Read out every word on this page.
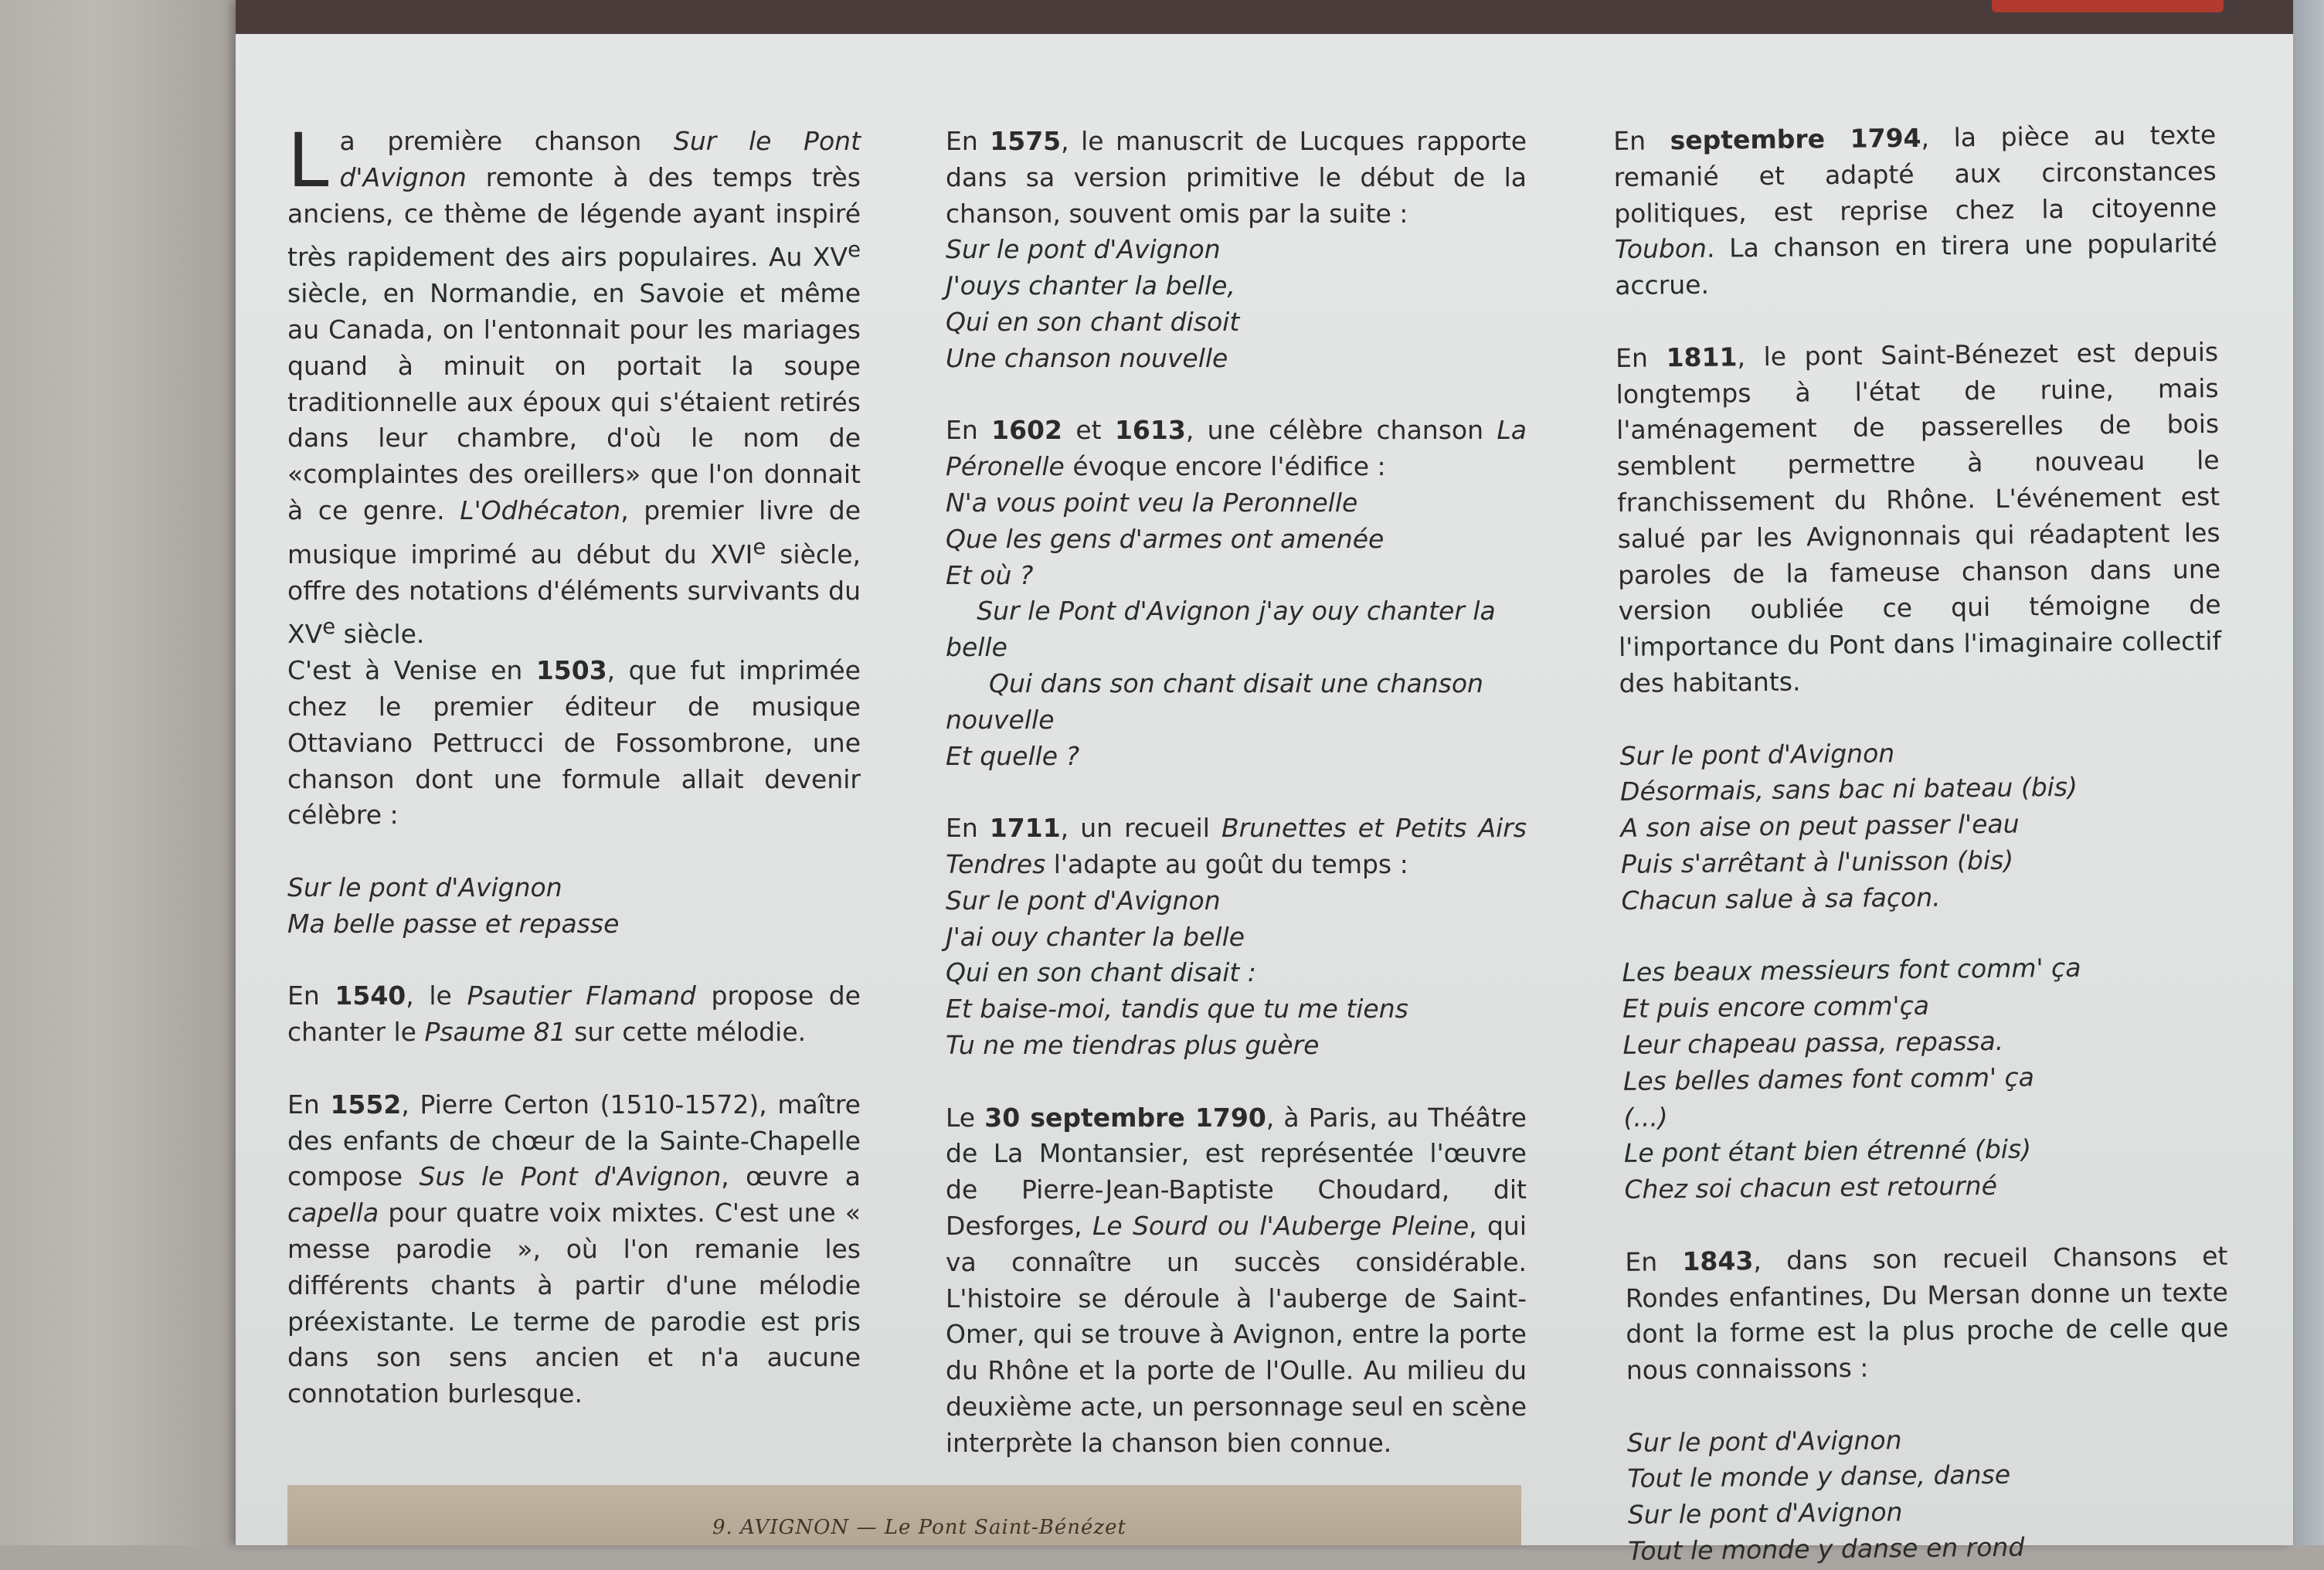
La première chanson Sur le Pont d'Avignon remonte à des temps très anciens, ce thème de légende ayant inspiré très rapidement des airs populaires. Au XVe siècle, en Normandie, en Savoie et même au Canada, on l'entonnait pour les mariages quand à minuit on portait la soupe traditionnelle aux époux qui s'étaient retirés dans leur chambre, d'où le nom de «complaintes des oreillers» que l'on donnait à ce genre. L'Odhécaton, premier livre de musique imprimé au début du XVIe siècle, offre des notations d'éléments survivants du XVe siècle.

C'est à Venise en 1503, que fut imprimée chez le premier éditeur de musique Ottaviano Pettrucci de Fossombrone, une chanson dont une formule allait devenir célèbre :

Sur le pont d'Avignon

Ma belle passe et repasse

En 1540, le Psautier Flamand propose de chanter le Psaume 81 sur cette mélodie.

En 1552, Pierre Certon (1510-1572), maître des enfants de chœur de la Sainte-Chapelle compose Sus le Pont d'Avignon, œuvre a capella pour quatre voix mixtes. C'est une « messe parodie », où l'on remanie les différents chants à partir d'une mélodie préexistante. Le terme de parodie est pris dans son sens ancien et n'a aucune connotation burlesque.

En 1575, le manuscrit de Lucques rapporte dans sa version primitive le début de la chanson, souvent omis par la suite :

Sur le pont d'Avignon

J'ouys chanter la belle,

Qui en son chant disoit

Une chanson nouvelle

En 1602 et 1613, une célèbre chanson La Péronelle évoque encore l'édifice :

N'a vous point veu la Peronnelle

Que les gens d'armes ont amenée

Et où ?

Sur le Pont d'Avignon j'ay ouy chanter la belle

Qui dans son chant disait une chanson nouvelle

Et quelle ?

En 1711, un recueil Brunettes et Petits Airs Tendres l'adapte au goût du temps :

Sur le pont d'Avignon

J'ai ouy chanter la belle

Qui en son chant disait :

Et baise-moi, tandis que tu me tiens

Tu ne me tiendras plus guère

Le 30 septembre 1790, à Paris, au Théâtre de La Montansier, est représentée l'œuvre de Pierre-Jean-Baptiste Choudard, dit Desforges, Le Sourd ou l'Auberge Pleine, qui va connaître un succès considérable. L'histoire se déroule à l'auberge de Saint-Omer, qui se trouve à Avignon, entre la porte du Rhône et la porte de l'Oulle. Au milieu du deuxième acte, un personnage seul en scène interprète la chanson bien connue.

En septembre 1794, la pièce au texte remanié et adapté aux circonstances politiques, est reprise chez la citoyenne Toubon. La chanson en tirera une popularité accrue.

En 1811, le pont Saint-Bénezet est depuis longtemps à l'état de ruine, mais l'aménagement de passerelles de bois semblent permettre à nouveau le franchissement du Rhône. L'événement est salué par les Avignonnais qui réadaptent les paroles de la fameuse chanson dans une version oubliée ce qui témoigne de l'importance du Pont dans l'imaginaire collectif des habitants.

Sur le pont d'Avignon

Désormais, sans bac ni bateau (bis)

A son aise on peut passer l'eau

Puis s'arrêtant à l'unisson (bis)

Chacun salue à sa façon.

Les beaux messieurs font comm' ça

Et puis encore comm'ça

Leur chapeau passa, repassa.

Les belles dames font comm' ça

(...)

Le pont étant bien étrenné (bis)

Chez soi chacun est retourné

En 1843, dans son recueil Chansons et Rondes enfantines, Du Mersan donne un texte dont la forme est la plus proche de celle que nous connaissons :

Sur le pont d'Avignon

Tout le monde y danse, danse

Sur le pont d'Avignon

Tout le monde y danse en rond

9. AVIGNON — Le Pont Saint-Bénézet
